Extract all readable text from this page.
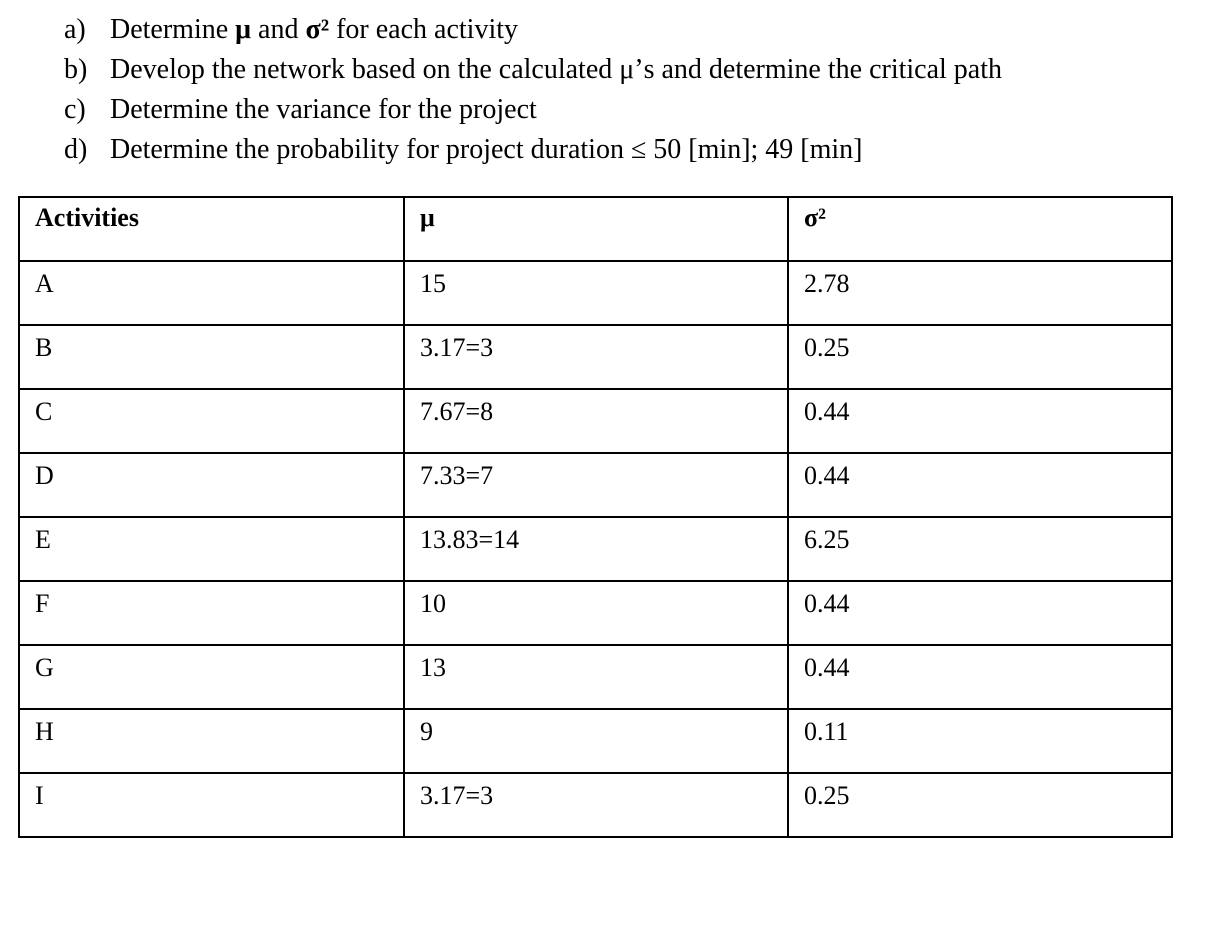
a) Determine μ and σ² for each activity
b) Develop the network based on the calculated μ’s and determine the critical path
c) Determine the variance for the project
d) Determine the probability for project duration ≤ 50 [min]; 49 [min]
Activities	μ	σ²

A	15	2.78

B	3.17=3	0.25

C	7.67=8	0.44

D	7.33=7	0.44

E	13.83=14	6.25

F	10	0.44

G	13	0.44

H	9	0.11

I	3.17=3	0.25
